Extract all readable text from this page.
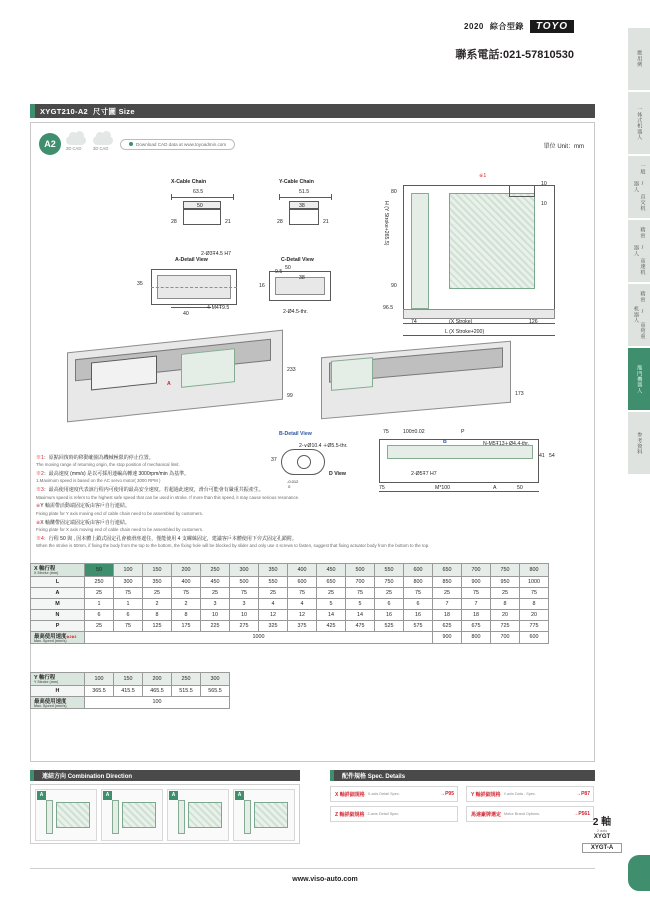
2020 綜合型錄	TOYO
聯系電話:021-57810530	應用例
一体式机器人
一般 / 直交机器人
精密 / 高速机器人
精密 / 高荷重机器人
龍門機器人
参考資料
XYGT210-A2 尺寸圖 Size
A2	2D CAD	3D CAD
Download CAD data at www.toyoadmin.com	單位 Unit：mm
X-Cable Chain
63.5
50
28	21
Y-Cable Chain
51.5
38
28	21
A-Detail View
35
40
2-Ø3Ŧ4.5 H7
4-M4Ŧ9.5
C-Detail View
50
38
16
9.5
2-Ø4.5-thr.
※1
80
10
10
H (Y Stroke+265.5)
90
96.5
74	126
(X Stroke)
L (X Stroke+200)
A
99
233
173
B-Detail View
2-∨Ø10.4 ∔Ø5.5-thr.
37
D View
-0.012
0
75	100±0.02	P
B	N-M5Ŧ13∔Ø4.4-thr.
41 54
2-Ø5Ŧ7 H7
75	M*100	A	50
※1：原點回復時的移動範圍為機械極限的停止位置。
The moving range of returning origin, the stop position of mechanical limit.
※2：最高速度 (mm/s) 是以可採用連編高轉速 3000rpm/min 為基準。
1.Maximum speed is based on the AC servo motor( 3000 RPM )
※3：最高使用速度代表該行程内可使用的最高安全速度。若超過此速度，滑台可能會有嚴重共振產生。
Maximum speed is refers to the highest safe speed that can be used in stroke. If more than this speed, it may cause serious resonance.
※Y 軸需帶活動端固定板由客戶自行連結。
Fixing plate for Y axis moving end of cable chain need to be assembled by customers.
※X 軸纜帶固定端固定板由客戶自行連結。
Fixing plate for X axis moving end of cable chain need to be assembled by customers.
※4：行程 50 與 , 因本體上鎖式固定孔會被滑座遮住，僅能使用 4 支螺絲固定，建議客戶本體使用下旁式固定孔鎖附。
When the stroke is 50mm, if fixing the body from the top to the bottom, the fixing hole will be blocked by slider and only use 4 screws to fasten, suggest that fixing actuator body from the bottom to the top.
X 軸行程
X Stroke (mm)	50	100	150	200	250	300	350	400	450	500	550	600	650	700	750	800
L	250	300	350	400	450	500	550	600	650	700	750	800	850	900	950	1000
A	25	75	25	75	25	75	25	75	25	75	25	75	25	75	25	75
M	1	1	2	2	3	3	4	4	5	5	6	6	7	7	8	8
N	6	6	8	8	10	10	12	12	14	14	16	16	18	18	20	20
P	25	75	125	175	225	275	325	375	425	475	525	575	625	675	725	775
最高使用速度※2※3
Max. Speed (mm/s)	1000												900	800	700	600
Y 軸行程
Y Stroke (mm)	100	150	200	250	300
H	365.5	415.5	465.5	515.5	565.5
最高使用速度
Max. Speed (mm/s)	100				
連結方向 Combination Direction
A	A	A	A
配件規格 Spec. Details
X 軸詳細規格 X-axis Detail Spec.	→P95	Y 軸詳細規格 Y-axis Data - Spec.	→P87
Z 軸詳細規格 Z-axis Detail Spec.	馬達廠牌選定 Motor Brand Options.	→P561
2 軸
2 axis
XYGT
XYGT-A
www.viso-auto.com
